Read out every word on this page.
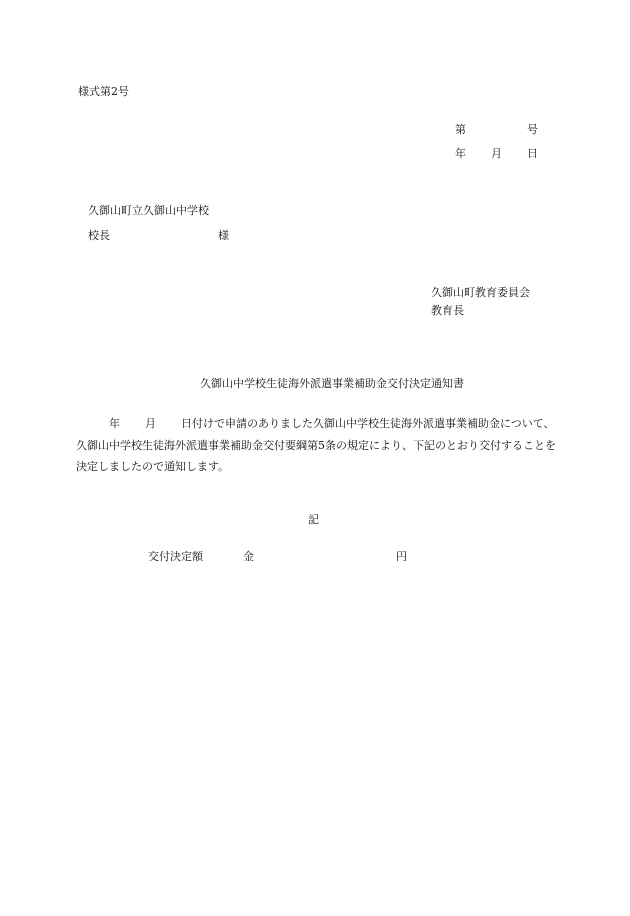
様式第2号
第	号
年 月 日
久御山町立久御山中学校
校長	様
久御山町教育委員会
教育長
久御山中学校生徒海外派遣事業補助金交付決定通知書
年 月 日付けで申請のありました久御山中学校生徒海外派遣事業補助金について、久御山中学校生徒海外派遣事業補助金交付要綱第5条の規定により、下記のとおり交付することを決定しましたので通知します。
記
交付決定額	金	円
